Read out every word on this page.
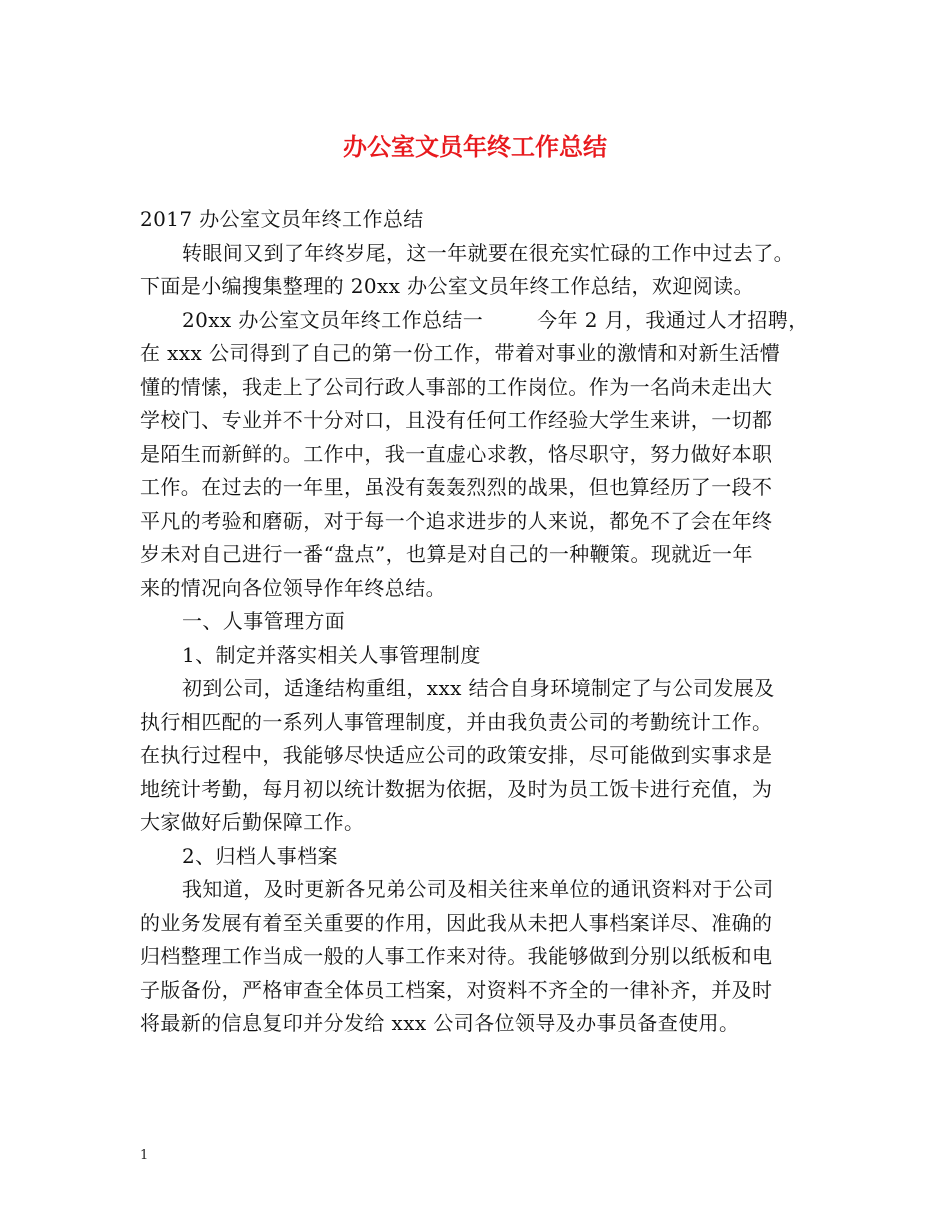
办公室文员年终工作总结

2017 办公室文员年终工作总结

转眼间又到了年终岁尾，这一年就要在很充实忙碌的工作中过去了。

下面是小编搜集整理的 20xx 办公室文员年终工作总结，欢迎阅读。

20xx 办公室文员年终工作总结一	今年 2 月，我通过人才招聘，

在 xxx 公司得到了自己的第一份工作，带着对事业的激情和对新生活懵

懂的情愫，我走上了公司行政人事部的工作岗位。作为一名尚未走出大

学校门、专业并不十分对口，且没有任何工作经验大学生来讲，一切都

是陌生而新鲜的。工作中，我一直虚心求教，恪尽职守，努力做好本职

工作。在过去的一年里，虽没有轰轰烈烈的战果，但也算经历了一段不

平凡的考验和磨砺，对于每一个追求进步的人来说，都免不了会在年终

岁未对自己进行一番“盘点”，也算是对自己的一种鞭策。现就近一年

来的情况向各位领导作年终总结。

一、人事管理方面

1、制定并落实相关人事管理制度

初到公司，适逢结构重组，xxx 结合自身环境制定了与公司发展及

执行相匹配的一系列人事管理制度，并由我负责公司的考勤统计工作。

在执行过程中，我能够尽快适应公司的政策安排，尽可能做到实事求是

地统计考勤，每月初以统计数据为依据，及时为员工饭卡进行充值，为

大家做好后勤保障工作。

2、归档人事档案

我知道，及时更新各兄弟公司及相关往来单位的通讯资料对于公司

的业务发展有着至关重要的作用，因此我从未把人事档案详尽、准确的

归档整理工作当成一般的人事工作来对待。我能够做到分别以纸板和电

子版备份，严格审查全体员工档案，对资料不齐全的一律补齐，并及时

将最新的信息复印并分发给 xxx 公司各位领导及办事员备查使用。

1
